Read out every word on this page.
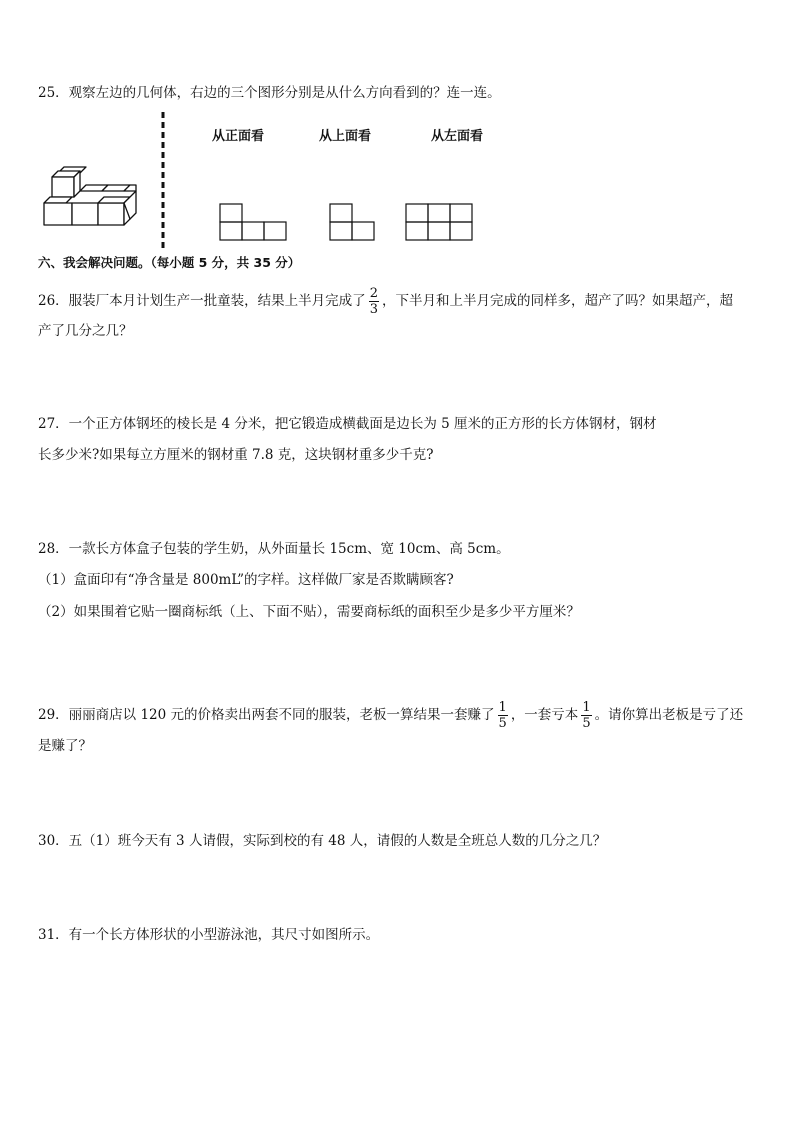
25．观察左边的几何体，右边的三个图形分别是从什么方向看到的？连一连。
从正面看	从上面看	从左面看
六、我会解决问题。（每小题 5 分，共 35 分）
26．服装厂本月计划生产一批童装，结果上半月完成了 $\frac{2}{3}$ ，下半月和上半月完成的同样多，超产了吗？如果超产，超
产了几分之几？
27．一个正方体钢坯的棱长是 4 分米，把它锻造成横截面是边长为 5 厘米的正方形的长方体钢材，钢材
长多少米?如果每立方厘米的钢材重 7.8 克，这块钢材重多少千克?
28．一款长方体盒子包装的学生奶，从外面量长 15cm、宽 10cm、高 5cm。
（1）盒面印有“净含量是 800mL”的字样。这样做厂家是否欺瞒顾客?
（2）如果围着它贴一圈商标纸（上、下面不贴），需要商标纸的面积至少是多少平方厘米？
29．丽丽商店以 120 元的价格卖出两套不同的服装，老板一算结果一套赚了 $\frac{1}{5}$ ，一套亏本 $\frac{1}{5}$ 。请你算出老板是亏了还
是赚了？
30．五（1）班今天有 3 人请假，实际到校的有 48 人，请假的人数是全班总人数的几分之几？
31．有一个长方体形状的小型游泳池，其尺寸如图所示。
